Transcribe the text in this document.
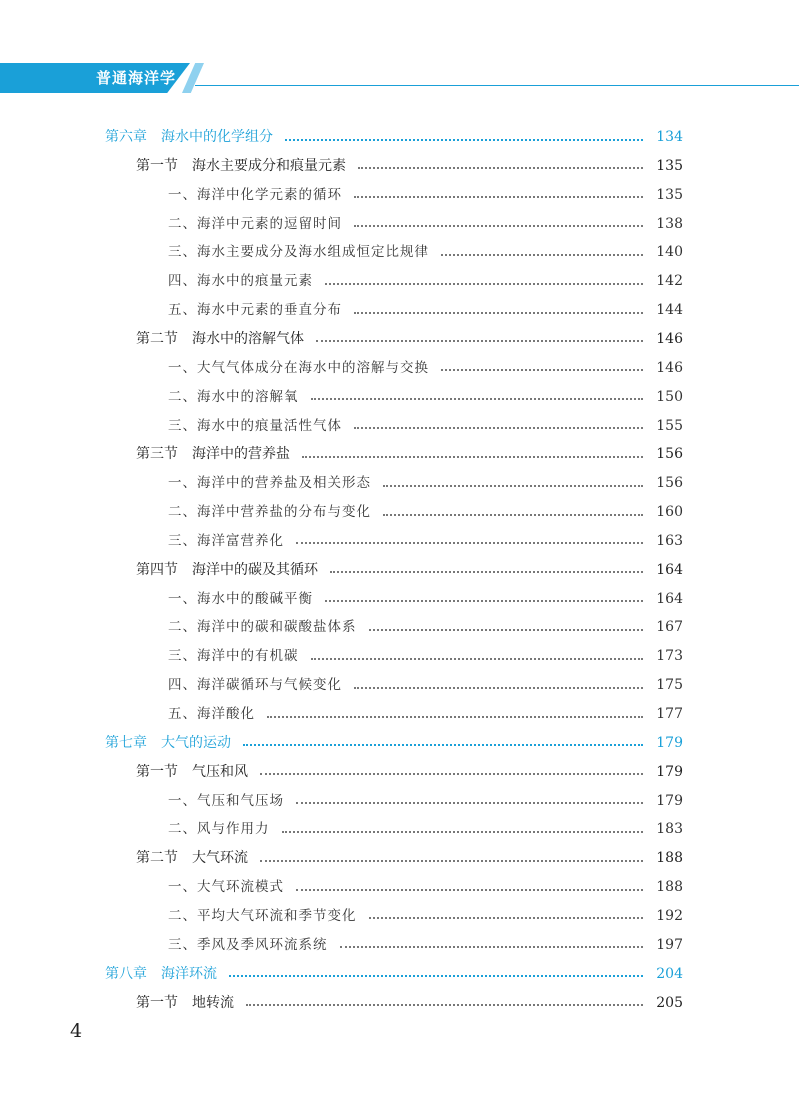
普通海洋学
第六章 海水中的化学组分	134
第一节 海水主要成分和痕量元素	135
一、海洋中化学元素的循环	135
二、海洋中元素的逗留时间	138
三、海水主要成分及海水组成恒定比规律	140
四、海水中的痕量元素	142
五、海水中元素的垂直分布	144
第二节 海水中的溶解气体	146
一、大气气体成分在海水中的溶解与交换	146
二、海水中的溶解氧	150
三、海水中的痕量活性气体	155
第三节 海洋中的营养盐	156
一、海洋中的营养盐及相关形态	156
二、海洋中营养盐的分布与变化	160
三、海洋富营养化	163
第四节 海洋中的碳及其循环	164
一、海水中的酸碱平衡	164
二、海洋中的碳和碳酸盐体系	167
三、海洋中的有机碳	173
四、海洋碳循环与气候变化	175
五、海洋酸化	177
第七章 大气的运动	179
第一节 气压和风	179
一、气压和气压场	179
二、风与作用力	183
第二节 大气环流	188
一、大气环流模式	188
二、平均大气环流和季节变化	192
三、季风及季风环流系统	197
第八章 海洋环流	204
第一节 地转流	205
4
